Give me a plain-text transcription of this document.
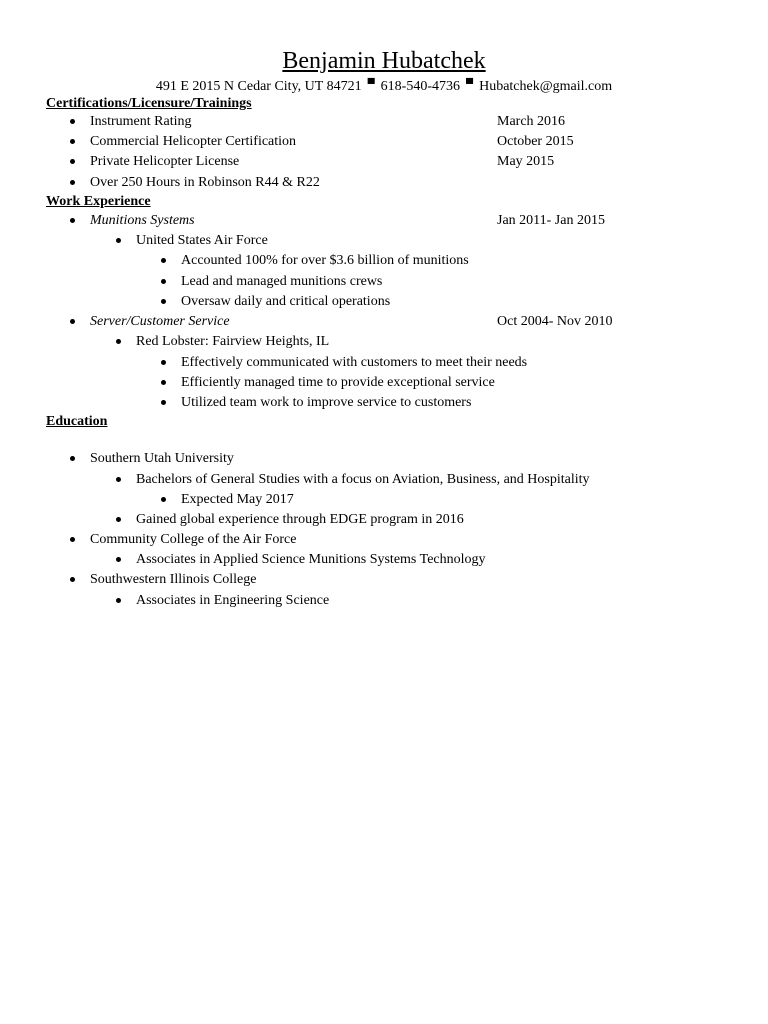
Benjamin Hubatchek
491 E 2015 N Cedar City, UT 84721 ▀ 618-540-4736 ▀ Hubatchek@gmail.com
Certifications/Licensure/Trainings
Instrument Rating	March 2016
Commercial Helicopter Certification	October 2015
Private Helicopter License	May 2015
Over 250 Hours in Robinson R44 & R22
Work Experience
Munitions Systems	Jan 2011- Jan 2015
United States Air Force
Accounted 100% for over $3.6 billion of munitions
Lead and managed munitions crews
Oversaw daily and critical operations
Server/Customer Service	Oct 2004- Nov 2010
Red Lobster: Fairview Heights, IL
Effectively communicated with customers to meet their needs
Efficiently managed time to provide exceptional service
Utilized team work to improve service to customers
Education
Southern Utah University
Bachelors of General Studies with a focus on Aviation, Business, and Hospitality
Expected May 2017
Gained global experience through EDGE program in 2016
Community College of the Air Force
Associates in Applied Science Munitions Systems Technology
Southwestern Illinois College
Associates in Engineering Science
